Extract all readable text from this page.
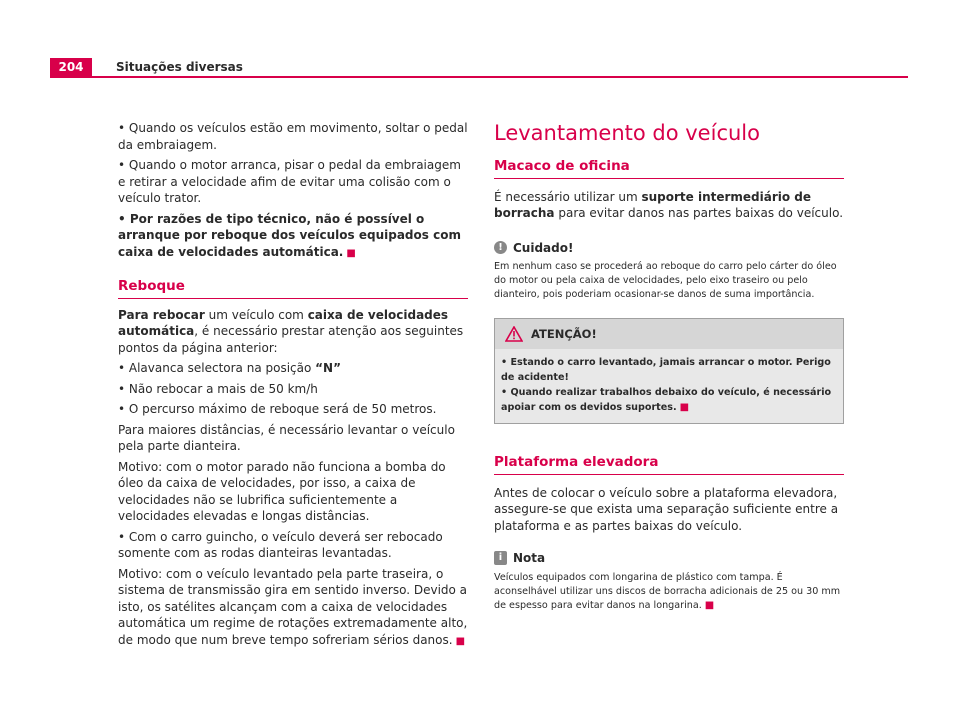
204	Situações diversas

• Quando os veículos estão em movimento, soltar o pedal da embraiagem.

• Quando o motor arranca, pisar o pedal da embraiagem e retirar a velocidade afim de evitar uma colisão com o veículo trator.

• Por razões de tipo técnico, não é possível o arranque por reboque dos veículos equipados com caixa de velocidades automática. ■

Reboque

Para rebocar um veículo com caixa de velocidades automática, é necessário prestar atenção aos seguintes pontos da página anterior:

• Alavanca selectora na posição “N”

• Não rebocar a mais de 50 km/h

• O percurso máximo de reboque será de 50 metros.

Para maiores distâncias, é necessário levantar o veículo pela parte dianteira.

Motivo: com o motor parado não funciona a bomba do óleo da caixa de velocidades, por isso, a caixa de velocidades não se lubrifica suficientemente a velocidades elevadas e longas distâncias.

• Com o carro guincho, o veículo deverá ser rebocado somente com as rodas dianteiras levantadas.

Motivo: com o veículo levantado pela parte traseira, o sistema de transmissão gira em sentido inverso. Devido a isto, os satélites alcançam com a caixa de velocidades automática um regime de rotações extremadamente alto, de modo que num breve tempo sofreriam sérios danos. ■

Levantamento do veículo
Macaco de oficina

É necessário utilizar um suporte intermediário de borracha para evitar danos nas partes baixas do veículo.

! Cuidado!

Em nenhum caso se procederá ao reboque do carro pelo cárter do óleo do motor ou pela caixa de velocidades, pelo eixo traseiro ou pelo dianteiro, pois poderiam ocasionar-se danos de suma importância.

ATENÇÃO!
• Estando o carro levantado, jamais arrancar o motor. Perigo de acidente!
• Quando realizar trabalhos debaixo do veículo, é necessário apoiar com os devidos suportes. ■
Plataforma elevadora

Antes de colocar o veículo sobre a plataforma elevadora, assegure-se que exista uma separação suficiente entre a plataforma e as partes baixas do veículo.

i Nota

Veículos equipados com longarina de plástico com tampa. É aconselhável utilizar uns discos de borracha adicionais de 25 ou 30 mm de espesso para evitar danos na longarina. ■
